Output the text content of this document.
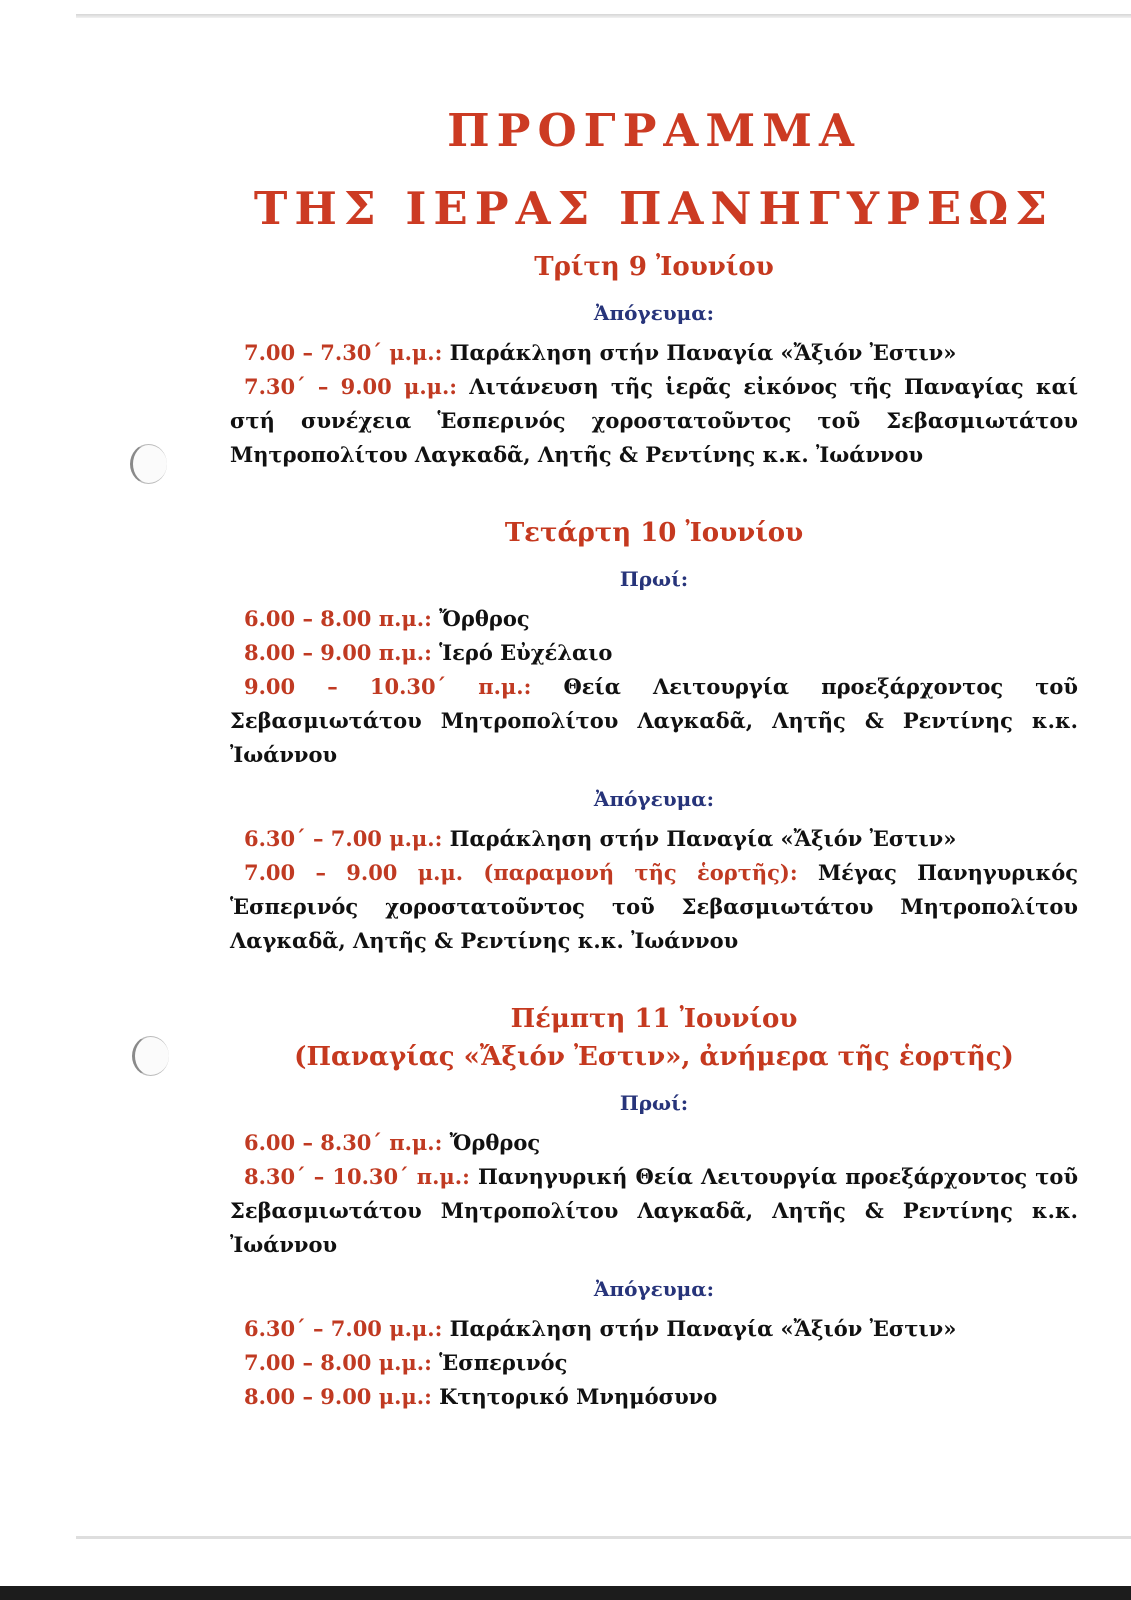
ΠΡΟΓΡΑΜΜΑ
ΤΗΣ ΙΕΡΑΣ ΠΑΝΗΓΥΡΕΩΣ
Τρίτη 9 Ἰουνίου
Ἀπόγευμα:

7.00 – 7.30΄ μ.μ.: Παράκληση στήν Παναγία «Ἄξιόν Ἐστιν»

7.30΄ – 9.00 μ.μ.: Λιτάνευση τῆς ἱερᾶς εἰκόνος τῆς Παναγίας καί στή συνέχεια Ἑσπερινός χοροστατοῦντος τοῦ Σεβασμιωτάτου Μητροπολίτου Λαγκαδᾶ, Λητῆς & Ρεντίνης κ.κ. Ἰωάννου

Τετάρτη 10 Ἰουνίου
Πρωί:

6.00 – 8.00 π.μ.: Ὄρθρος

8.00 – 9.00 π.μ.: Ἱερό Εὐχέλαιο

9.00 – 10.30΄ π.μ.: Θεία Λειτουργία προεξάρχοντος τοῦ Σεβασμιωτάτου Μητροπολίτου Λαγκαδᾶ, Λητῆς & Ρεντίνης κ.κ. Ἰωάννου

Ἀπόγευμα:

6.30΄ – 7.00 μ.μ.: Παράκληση στήν Παναγία «Ἄξιόν Ἐστιν»

7.00 – 9.00 μ.μ. (παραμονή τῆς ἑορτῆς): Μέγας Πανηγυρικός Ἑσπερινός χοροστατοῦντος τοῦ Σεβασμιωτάτου Μητροπολίτου Λαγκαδᾶ, Λητῆς & Ρεντίνης κ.κ. Ἰωάννου

Πέμπτη 11 Ἰουνίου
(Παναγίας «Ἄξιόν Ἐστιν», ἀνήμερα τῆς ἑορτῆς)
Πρωί:

6.00 – 8.30΄ π.μ.: Ὄρθρος

8.30΄ – 10.30΄ π.μ.: Πανηγυρική Θεία Λειτουργία προεξάρχοντος τοῦ Σεβασμιωτάτου Μητροπολίτου Λαγκαδᾶ, Λητῆς & Ρεντίνης κ.κ. Ἰωάννου

Ἀπόγευμα:

6.30΄ – 7.00 μ.μ.: Παράκληση στήν Παναγία «Ἄξιόν Ἐστιν»

7.00 – 8.00 μ.μ.: Ἑσπερινός

8.00 – 9.00 μ.μ.: Κτητορικό Μνημόσυνο
